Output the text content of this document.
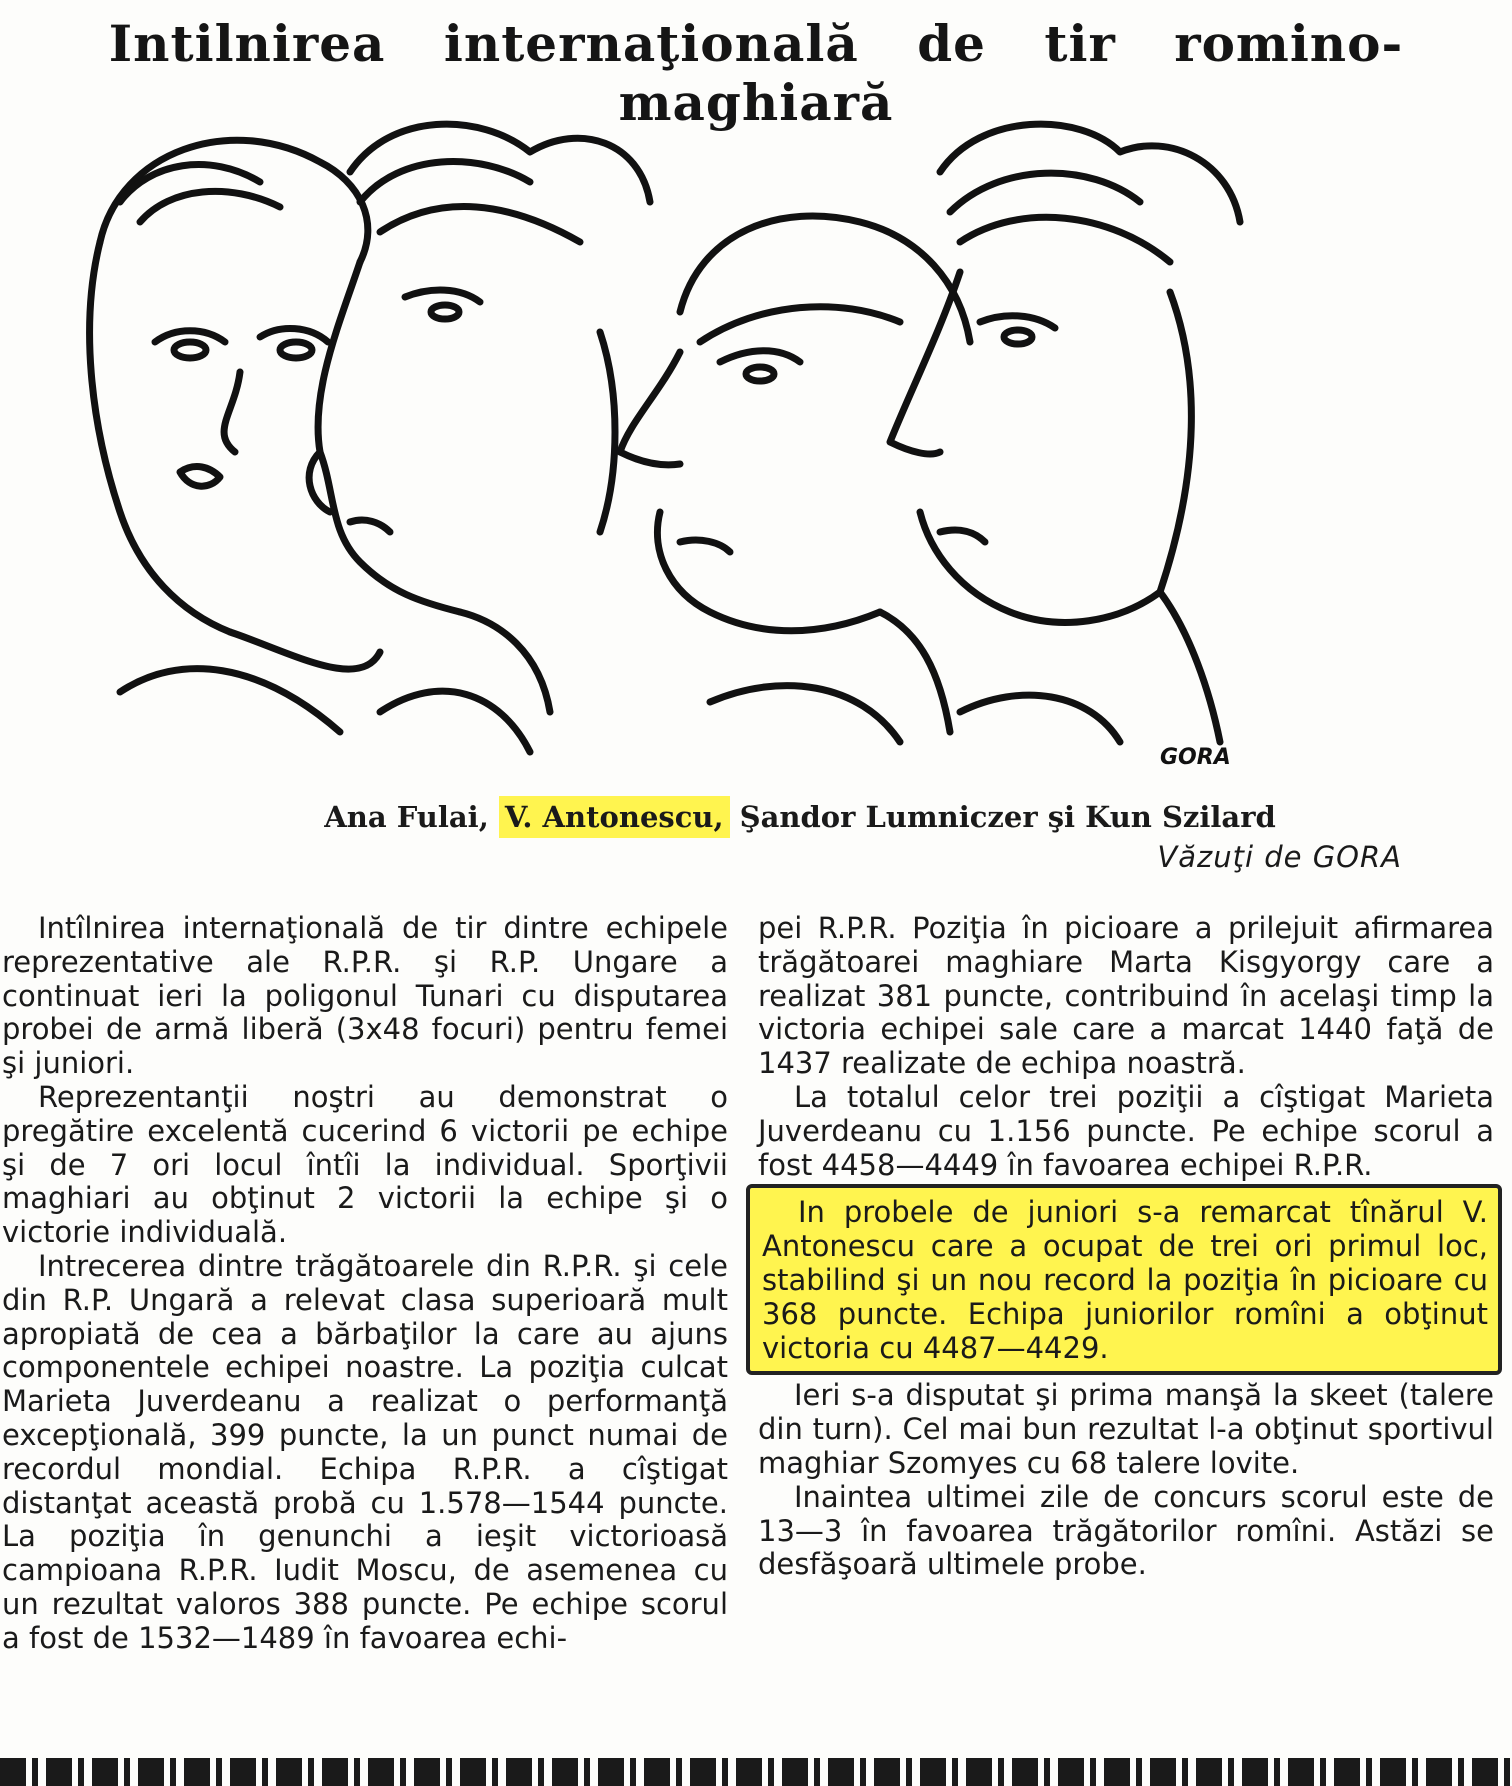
Intilnirea internaţională de tir romino-maghiară
GORA
Ana Fulai, V. Antonescu, Şandor Lumniczer şi Kun Szilard
Văzuţi de GORA

Intîlnirea internaţională de tir dintre echipele reprezentative ale R.P.R. şi R.P. Ungare a continuat ieri la poligonul Tunari cu disputarea probei de armă liberă (3x48 focuri) pentru femei şi juniori.

Reprezentanţii noştri au demonstrat o pregătire excelentă cucerind 6 victorii pe echipe şi de 7 ori locul întîi la individual. Sporţivii maghiari au obţinut 2 victorii la echipe şi o victorie individuală.

Intrecerea dintre trăgătoarele din R.P.R. şi cele din R.P. Ungară a relevat clasa superioară mult apropiată de cea a bărbaţilor la care au ajuns componentele echipei noastre. La poziţia culcat Marieta Juverdeanu a realizat o performanţă excepţională, 399 puncte, la un punct numai de recordul mondial. Echipa R.P.R. a cîştigat distanţat această probă cu 1.578—1544 puncte. La poziţia în genunchi a ieşit victorioasă campioana R.P.R. Iudit Moscu, de asemenea cu un rezultat valoros 388 puncte. Pe echipe scorul a fost de 1532—1489 în favoarea echi-

pei R.P.R. Poziţia în picioare a prilejuit afirmarea trăgătoarei maghiare Marta Kisgyorgy care a realizat 381 puncte, contribuind în acelaşi timp la victoria echipei sale care a marcat 1440 faţă de 1437 realizate de echipa noastră.

La totalul celor trei poziţii a cîştigat Marieta Juverdeanu cu 1.156 puncte. Pe echipe scorul a fost 4458—4449 în favoarea echipei R.P.R.

In probele de juniori s-a remarcat tînărul V. Antonescu care a ocupat de trei ori primul loc, stabilind şi un nou record la poziţia în picioare cu 368 puncte. Echipa juniorilor romîni a obţinut victoria cu 4487—4429.

Ieri s-a disputat şi prima manşă la skeet (talere din turn). Cel mai bun rezultat l-a obţinut sportivul maghiar Szomyes cu 68 talere lovite.

Inaintea ultimei zile de concurs scorul este de 13—3 în favoarea trăgătorilor romîni. Astăzi se desfăşoară ultimele probe.
